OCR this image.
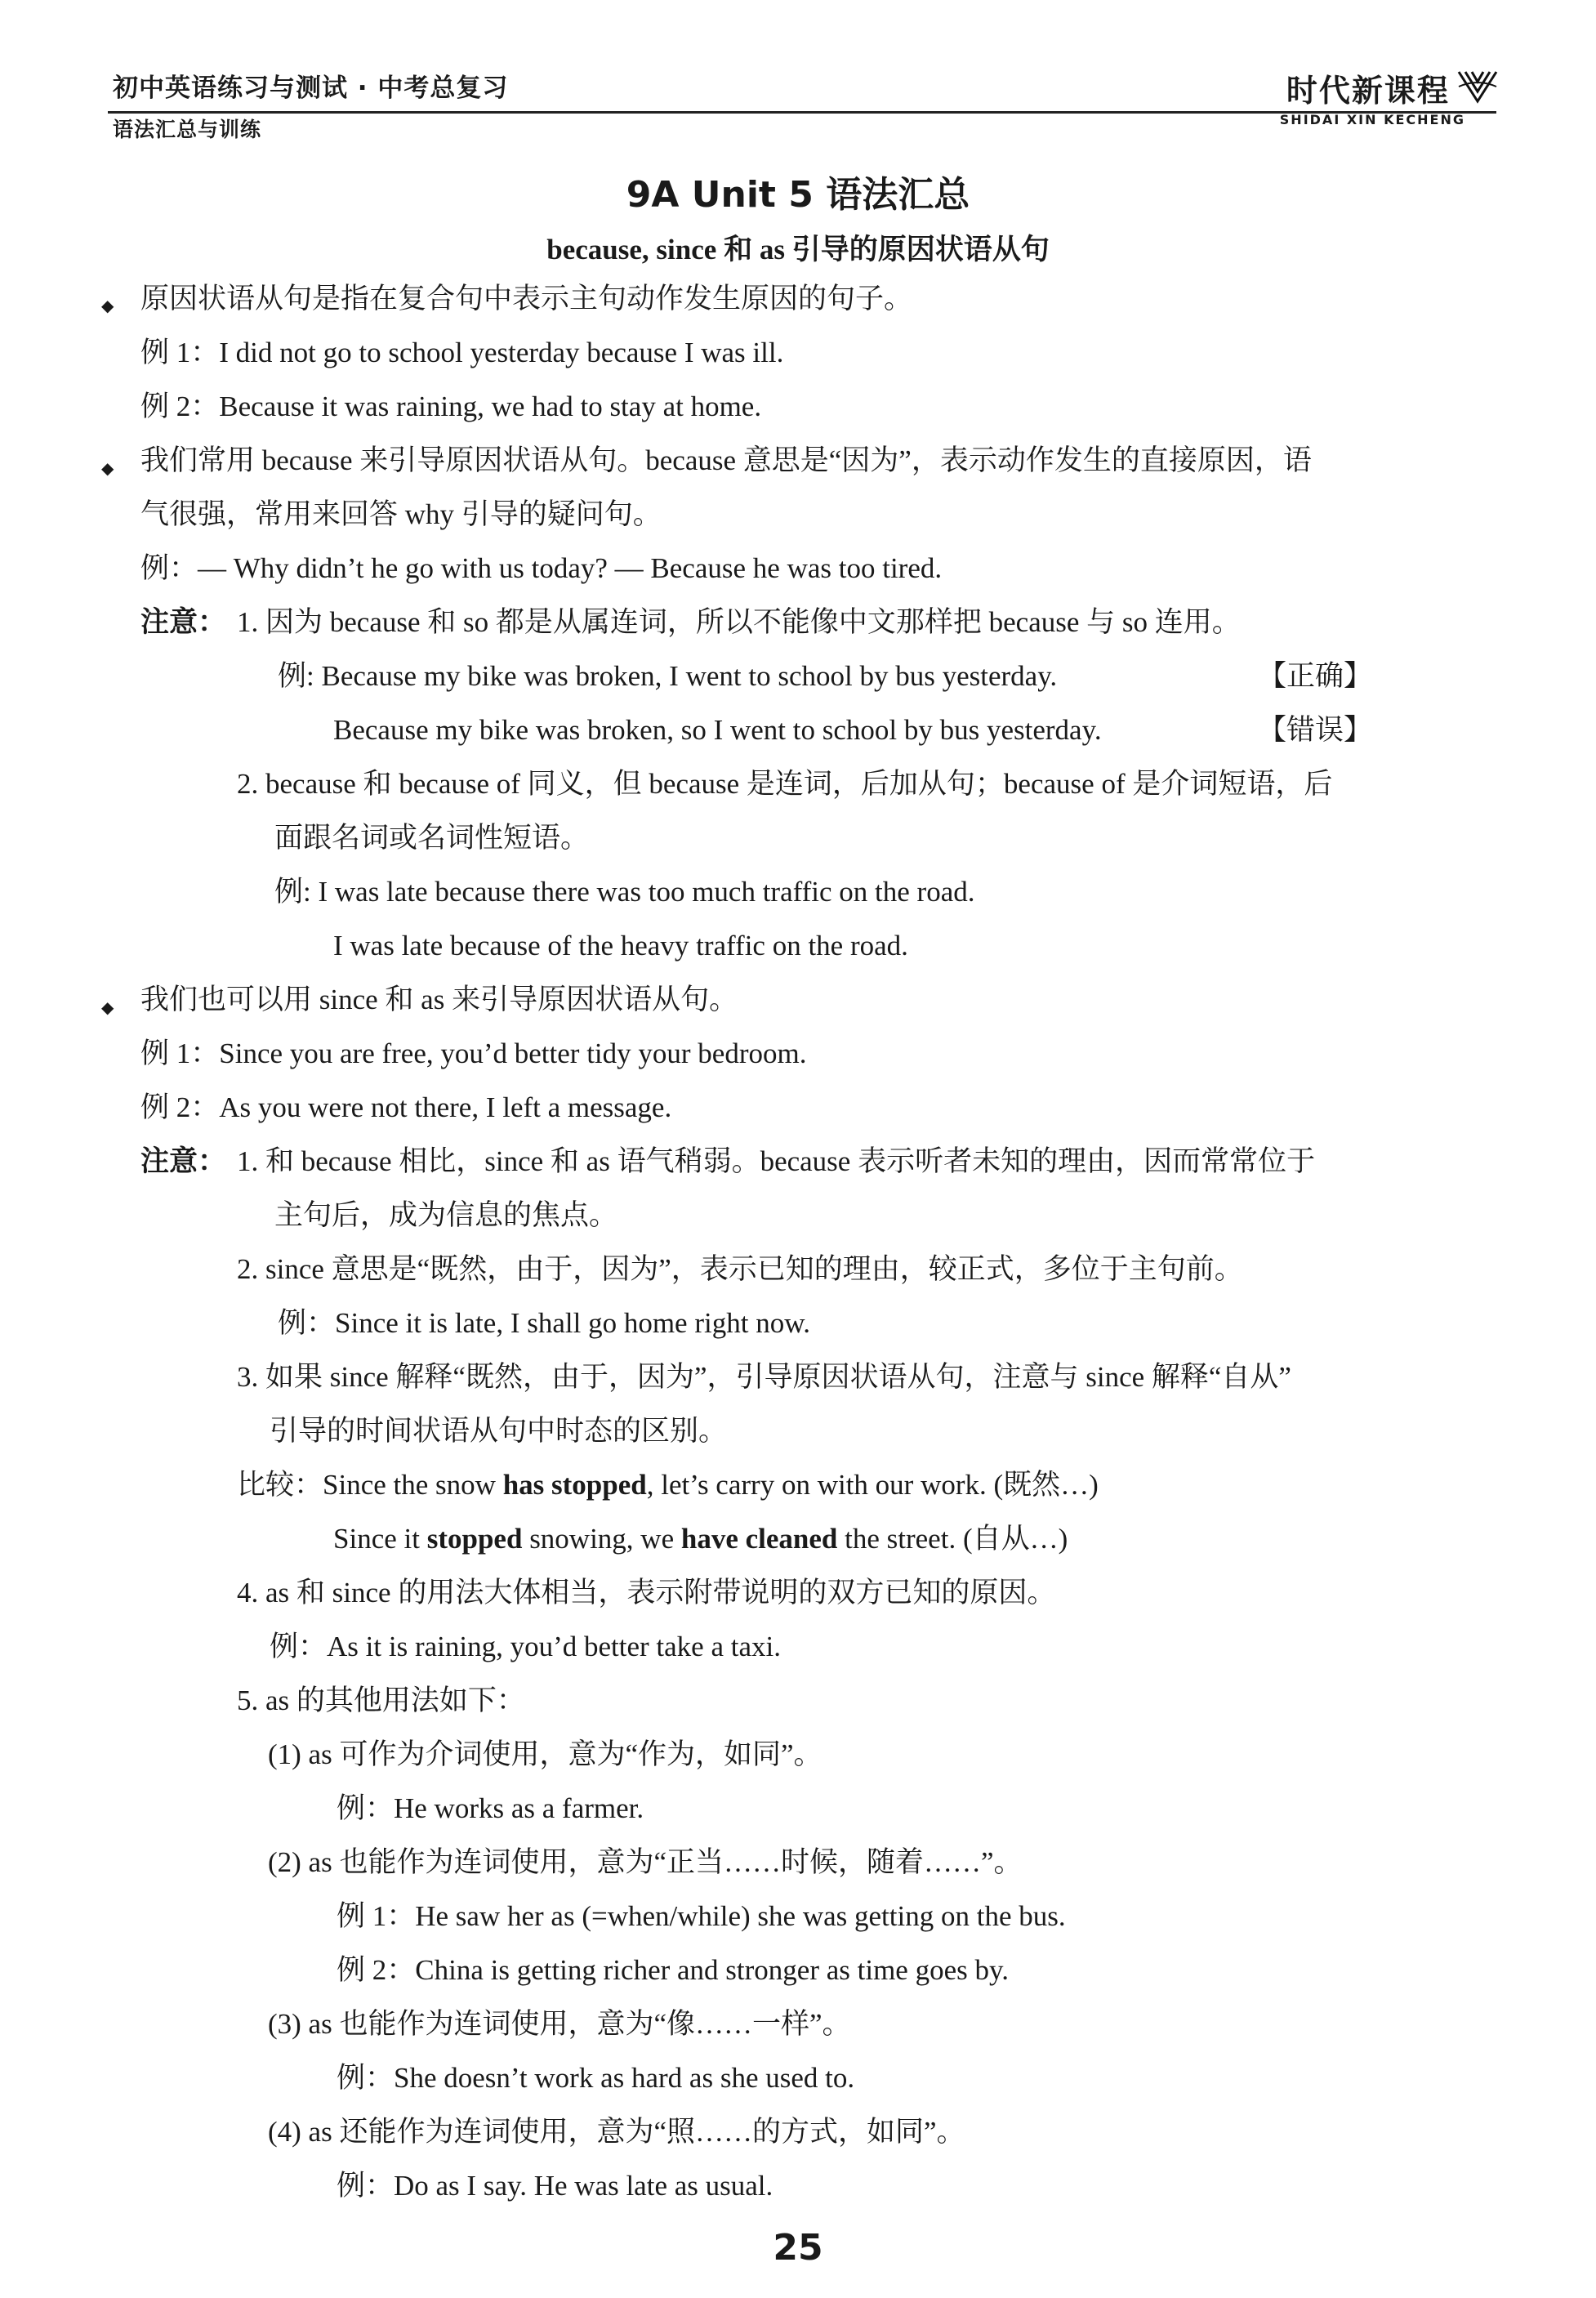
初中英语练习与测试 · 中考总复习
语法汇总与训练
时代新课程
SHIDAI XIN KECHENG
9A Unit 5 语法汇总
because, since 和 as 引导的原因状语从句
◆ 原因状语从句是指在复合句中表示主句动作发生原因的句子。
例 1：I did not go to school yesterday because I was ill.
例 2：Because it was raining, we had to stay at home.
◆ 我们常用 because 来引导原因状语从句。because 意思是“因为”，表示动作发生的直接原因，语
气很强，常用来回答 why 引导的疑问句。
例：— Why didn’t he go with us today? — Because he was too tired.
注意： 1. 因为 because 和 so 都是从属连词，所以不能像中文那样把 because 与 so 连用。
例: Because my bike was broken, I went to school by bus yesterday.	【正确】
Because my bike was broken, so I went to school by bus yesterday.	【错误】
2. because 和 because of 同义，但 because 是连词，后加从句；because of 是介词短语，后
面跟名词或名词性短语。
例: I was late because there was too much traffic on the road.
I was late because of the heavy traffic on the road.
◆ 我们也可以用 since 和 as 来引导原因状语从句。
例 1：Since you are free, you’d better tidy your bedroom.
例 2：As you were not there, I left a message.
注意： 1. 和 because 相比，since 和 as 语气稍弱。because 表示听者未知的理由，因而常常位于
主句后，成为信息的焦点。
2. since 意思是“既然，由于，因为”，表示已知的理由，较正式，多位于主句前。
例：Since it is late, I shall go home right now.
3. 如果 since 解释“既然，由于，因为”，引导原因状语从句，注意与 since 解释“自从”
引导的时间状语从句中时态的区别。
比较：Since the snow has stopped, let’s carry on with our work. (既然…)
Since it stopped snowing, we have cleaned the street. (自从…)
4. as 和 since 的用法大体相当，表示附带说明的双方已知的原因。
例：As it is raining, you’d better take a taxi.
5. as 的其他用法如下：
(1) as 可作为介词使用，意为“作为，如同”。
例：He works as a farmer.
(2) as 也能作为连词使用，意为“正当……时候，随着……”。
例 1：He saw her as (=when/while) she was getting on the bus.
例 2：China is getting richer and stronger as time goes by.
(3) as 也能作为连词使用，意为“像……一样”。
例：She doesn’t work as hard as she used to.
(4) as 还能作为连词使用，意为“照……的方式，如同”。
例：Do as I say. He was late as usual.
25
